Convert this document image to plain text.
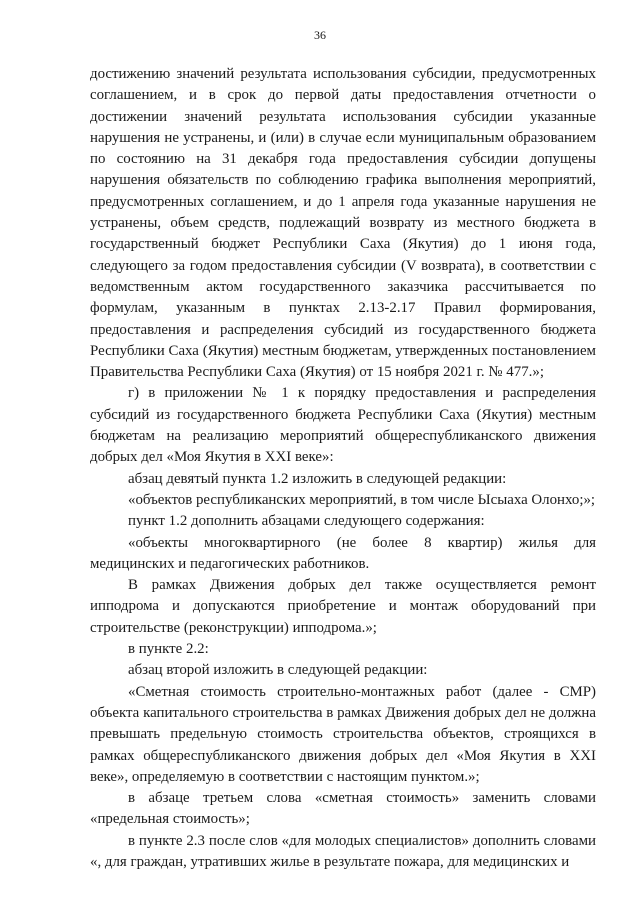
36

достижению значений результата использования субсидии, предусмотренных соглашением, и в срок до первой даты предоставления отчетности о достижении значений результата использования субсидии указанные нарушения не устранены, и (или) в случае если муниципальным образованием по состоянию на 31 декабря года предоставления субсидии допущены нарушения обязательств по соблюдению графика выполнения мероприятий, предусмотренных соглашением, и до 1 апреля года указанные нарушения не устранены, объем средств, подлежащий возврату из местного бюджета в государственный бюджет Республики Саха (Якутия) до 1 июня года, следующего за годом предоставления субсидии (V возврата), в соответствии с ведомственным актом государственного заказчика рассчитывается по формулам, указанным в пунктах 2.13-2.17 Правил формирования, предоставления и распределения субсидий из государственного бюджета Республики Саха (Якутия) местным бюджетам, утвержденных постановлением Правительства Республики Саха (Якутия) от 15 ноября 2021 г. № 477.»;

г) в приложении № 1 к порядку предоставления и распределения субсидий из государственного бюджета Республики Саха (Якутия) местным бюджетам на реализацию мероприятий общереспубликанского движения добрых дел «Моя Якутия в XXI веке»:

абзац девятый пункта 1.2 изложить в следующей редакции:

«объектов республиканских мероприятий, в том числе Ысыаха Олонхо;»;

пункт 1.2 дополнить абзацами следующего содержания:

«объекты многоквартирного (не более 8 квартир) жилья для медицинских и педагогических работников.

В рамках Движения добрых дел также осуществляется ремонт ипподрома и допускаются приобретение и монтаж оборудований при строительстве (реконструкции) ипподрома.»;

в пункте 2.2:

абзац второй изложить в следующей редакции:

«Сметная стоимость строительно-монтажных работ (далее - СМР) объекта капитального строительства в рамках Движения добрых дел не должна превышать предельную стоимость строительства объектов, строящихся в рамках общереспубликанского движения добрых дел «Моя Якутия в XXI веке», определяемую в соответствии с настоящим пунктом.»;

в абзаце третьем слова «сметная стоимость» заменить словами «предельная стоимость»;

в пункте 2.3 после слов «для молодых специалистов» дополнить словами «, для граждан, утративших жилье в результате пожара, для медицинских и
